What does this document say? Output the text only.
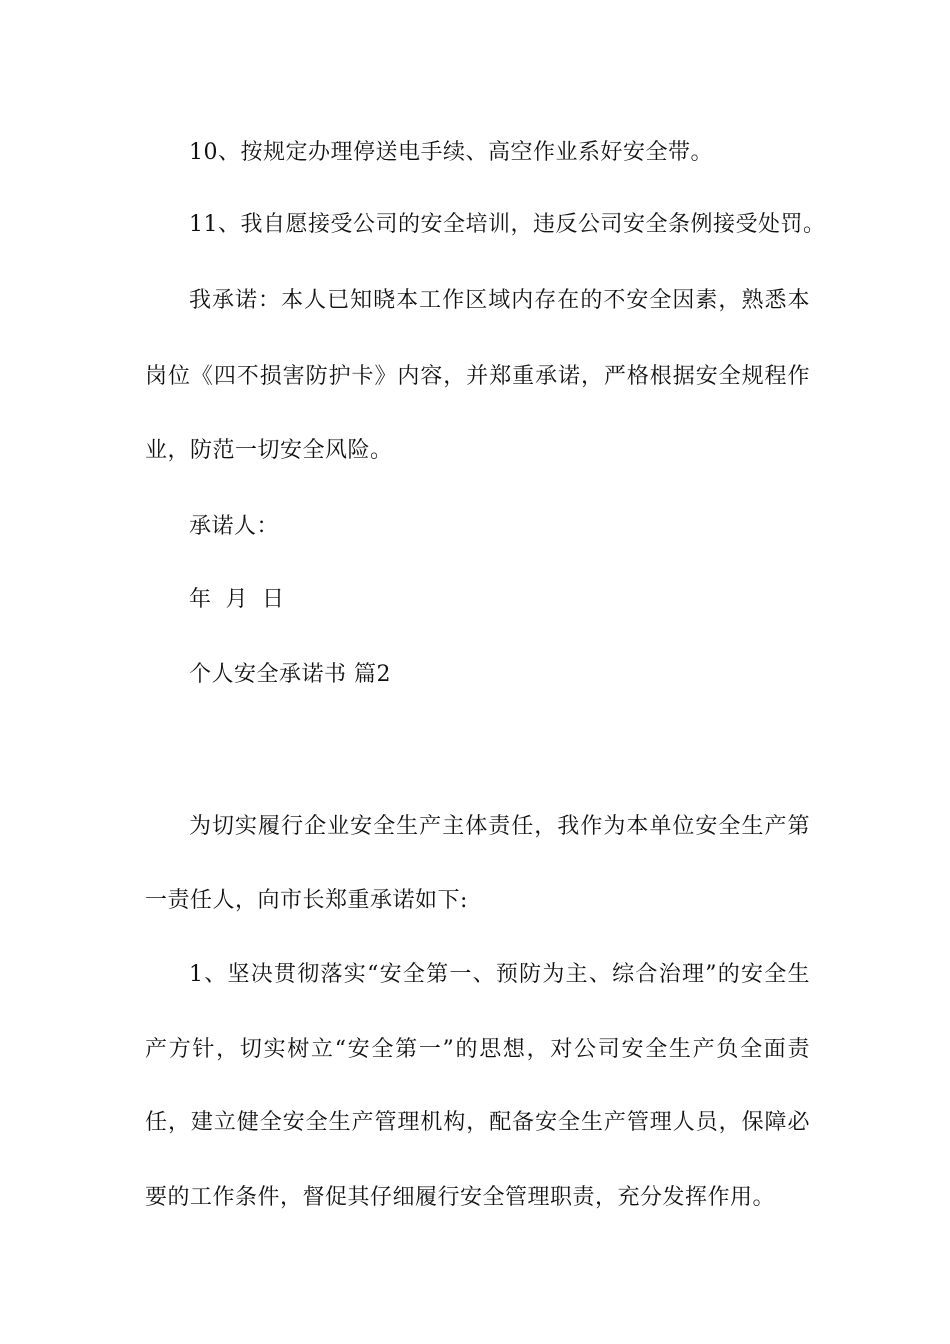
10、按规定办理停送电手续、高空作业系好安全带。
11、我自愿接受公司的安全培训，违反公司安全条例接受处罚。
我承诺：本人已知晓本工作区域内存在的不安全因素，熟悉本
岗位《四不损害防护卡》内容，并郑重承诺，严格根据安全规程作
业，防范一切安全风险。
承诺人：
年 月 日
个人安全承诺书 篇2
为切实履行企业安全生产主体责任，我作为本单位安全生产第
一责任人，向市长郑重承诺如下:
1、坚决贯彻落实“安全第一、预防为主、综合治理”的安全生
产方针，切实树立“安全第一”的思想，对公司安全生产负全面责
任，建立健全安全生产管理机构，配备安全生产管理人员，保障必
要的工作条件，督促其仔细履行安全管理职责，充分发挥作用。
